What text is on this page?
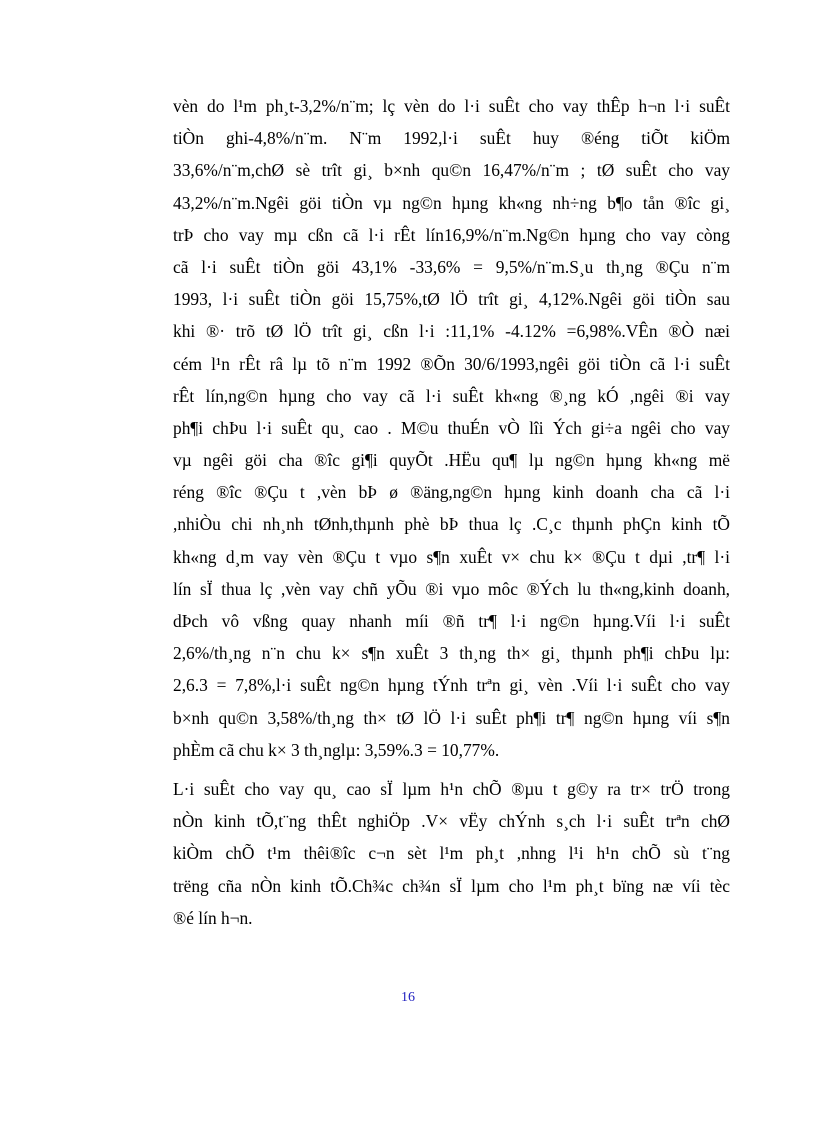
vèn do l¹m ph¸t-3,2%/n¨m; lç vèn do l·i suÊt cho vay thÊp h¬n l·i suÊt
tiÒn ghi-4,8%/n¨m. N¨m 1992,l·i suÊt huy ®éng tiÕt kiÖm
33,6%/n¨m,chØ sè trît gi¸ b×nh qu©n 16,47%/n¨m ; tØ suÊt cho vay
43,2%/n¨m.Ngêi göi tiÒn vµ ng©n hµng kh«ng nh÷ng b¶o tån ®îc gi¸
trÞ cho vay mµ cßn cã l·i rÊt lín16,9%/n¨m.Ng©n hµng cho vay còng
cã l·i suÊt tiÒn göi 43,1% -33,6% = 9,5%/n¨m.S¸u th¸ng ®Çu n¨m
1993, l·i suÊt tiÒn göi 15,75%,tØ lÖ trît gi¸ 4,12%.Ngêi göi tiÒn sau
khi ®· trõ tØ lÖ trît gi¸ cßn l·i :11,1% -4.12% =6,98%.VÊn ®Ò næi
cém l¹n rÊt râ lµ tõ n¨m 1992 ®Õn 30/6/1993,ngêi göi tiÒn cã l·i suÊt
rÊt lín,ng©n hµng cho vay cã l·i suÊt kh«ng ®¸ng kÓ ,ngêi ®i vay
ph¶i chÞu l·i suÊt qu¸ cao . M©u thuÉn vÒ lîi Ých gi÷a ngêi cho vay
vµ ngêi göi cha ®îc gi¶i quyÕt .HËu qu¶ lµ ng©n hµng kh«ng më
réng ®îc ®Çu t ,vèn bÞ ø ®äng,ng©n hµng kinh doanh cha cã l·i
,nhiÒu chi nh¸nh tØnh,thµnh phè bÞ thua lç .C¸c thµnh phÇn kinh tÕ
kh«ng d¸m vay vèn ®Çu t vµo s¶n xuÊt v× chu k× ®Çu t dµi ,tr¶ l·i
lín sÏ thua lç ,vèn vay chñ yÕu ®i vµo môc ®Ých lu th«ng,kinh doanh,
dÞch vô vßng quay nhanh míi ®ñ tr¶ l·i ng©n hµng.Víi l·i suÊt
2,6%/th¸ng n¨n chu k× s¶n xuÊt 3 th¸ng th× gi¸ thµnh ph¶i chÞu lµ:
2,6.3 = 7,8%,l·i suÊt ng©n hµng tÝnh trªn gi¸ vèn .Víi l·i suÊt cho vay
b×nh qu©n 3,58%/th¸ng th× tØ lÖ l·i suÊt ph¶i tr¶ ng©n hµng víi s¶n
phÈm cã chu k× 3 th¸nglµ: 3,59%.3 = 10,77%.
L·i suÊt cho vay qu¸ cao sÏ lµm h¹n chÕ ®µu t g©y ra tr× trÖ trong
nÒn kinh tÕ,t¨ng thÊt nghiÖp .V× vËy chÝnh s¸ch l·i suÊt trªn chØ
kiÒm chÕ t¹m thêi®îc c¬n sèt l¹m ph¸t ,nhng l¹i h¹n chÕ sù t¨ng
trëng cña nÒn kinh tÕ.Ch¾c ch¾n sÏ lµm cho l¹m ph¸t bïng næ víi tèc
®é lín h¬n.
16
